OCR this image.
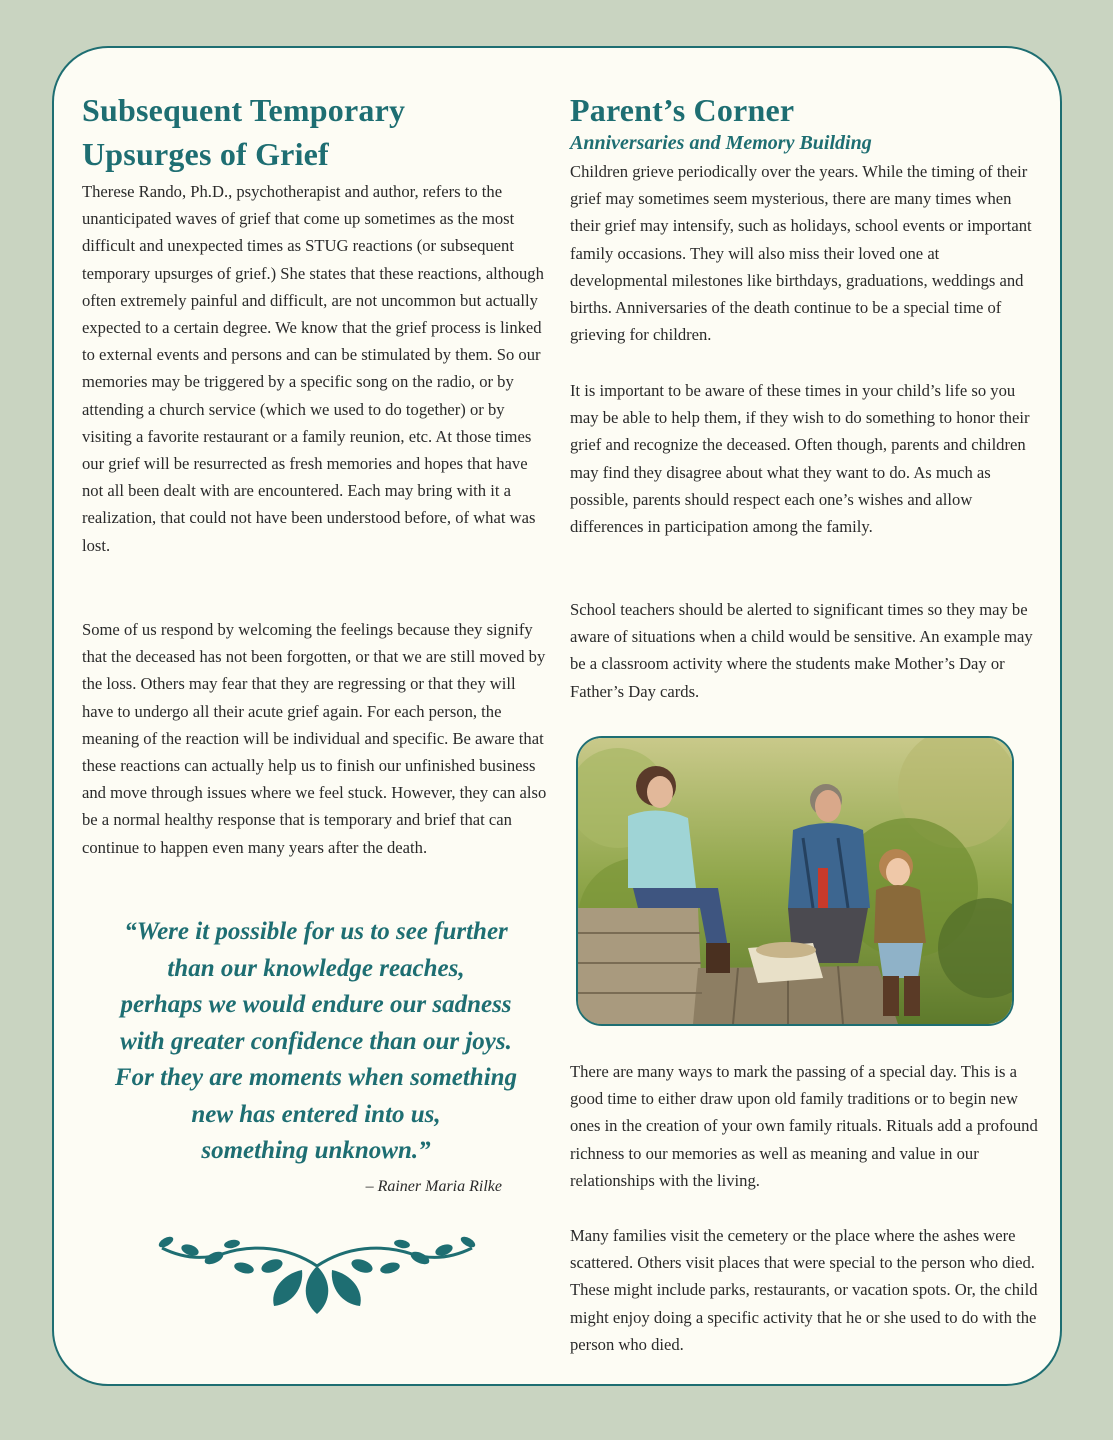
Subsequent Temporary
Upsurges of Grief

Therese Rando, Ph.D., psychotherapist and author, refers to the unanticipated waves of grief that come up sometimes as the most difficult and unexpected times as STUG reactions (or subsequent temporary upsurges of grief.) She states that these reactions, although often extremely painful and difficult, are not uncommon but actually expected to a certain degree. We know that the grief process is linked to external events and persons and can be stimulated by them. So our memories may be triggered by a specific song on the radio, or by attending a church service (which we used to do together) or by visiting a favorite restaurant or a family reunion, etc. At those times our grief will be resurrected as fresh memories and hopes that have not all been dealt with are encountered. Each may bring with it a realization, that could not have been understood before, of what was lost.

Some of us respond by welcoming the feelings because they signify that the deceased has not been forgotten, or that we are still moved by the loss. Others may fear that they are regressing or that they will have to undergo all their acute grief again. For each person, the meaning of the reaction will be individual and specific. Be aware that these reactions can actually help us to finish our unfinished business and move through issues where we feel stuck. However, they can also be a normal healthy response that is temporary and brief that can continue to happen even many years after the death.

“Were it possible for us to see further
than our knowledge reaches,
perhaps we would endure our sadness
with greater confidence than our joys.
For they are moments when something
new has entered into us,
something unknown.”
– Rainer Maria Rilke
Parent’s Corner
Anniversaries and Memory Building

Children grieve periodically over the years. While the timing of their grief may sometimes seem mysterious, there are many times when their grief may intensify, such as holidays, school events or important family occasions. They will also miss their loved one at developmental milestones like birthdays, graduations, weddings and births. Anniversaries of the death continue to be a special time of grieving for children.

It is important to be aware of these times in your child’s life so you may be able to help them, if they wish to do something to honor their grief and recognize the deceased. Often though, parents and children may find they disagree about what they want to do. As much as possible, parents should respect each one’s wishes and allow differences in participation among the family.

School teachers should be alerted to significant times so they may be aware of situations when a child would be sensitive. An example may be a classroom activity where the students make Mother’s Day or Father’s Day cards.

There are many ways to mark the passing of a special day. This is a good time to either draw upon old family traditions or to begin new ones in the creation of your own family rituals. Rituals add a profound richness to our memories as well as meaning and value in our relationships with the living.

Many families visit the cemetery or the place where the ashes were scattered. Others visit places that were special to the person who died. These might include parks, restaurants, or vacation spots. Or, the child might enjoy doing a specific activity that he or she used to do with the person who died.
